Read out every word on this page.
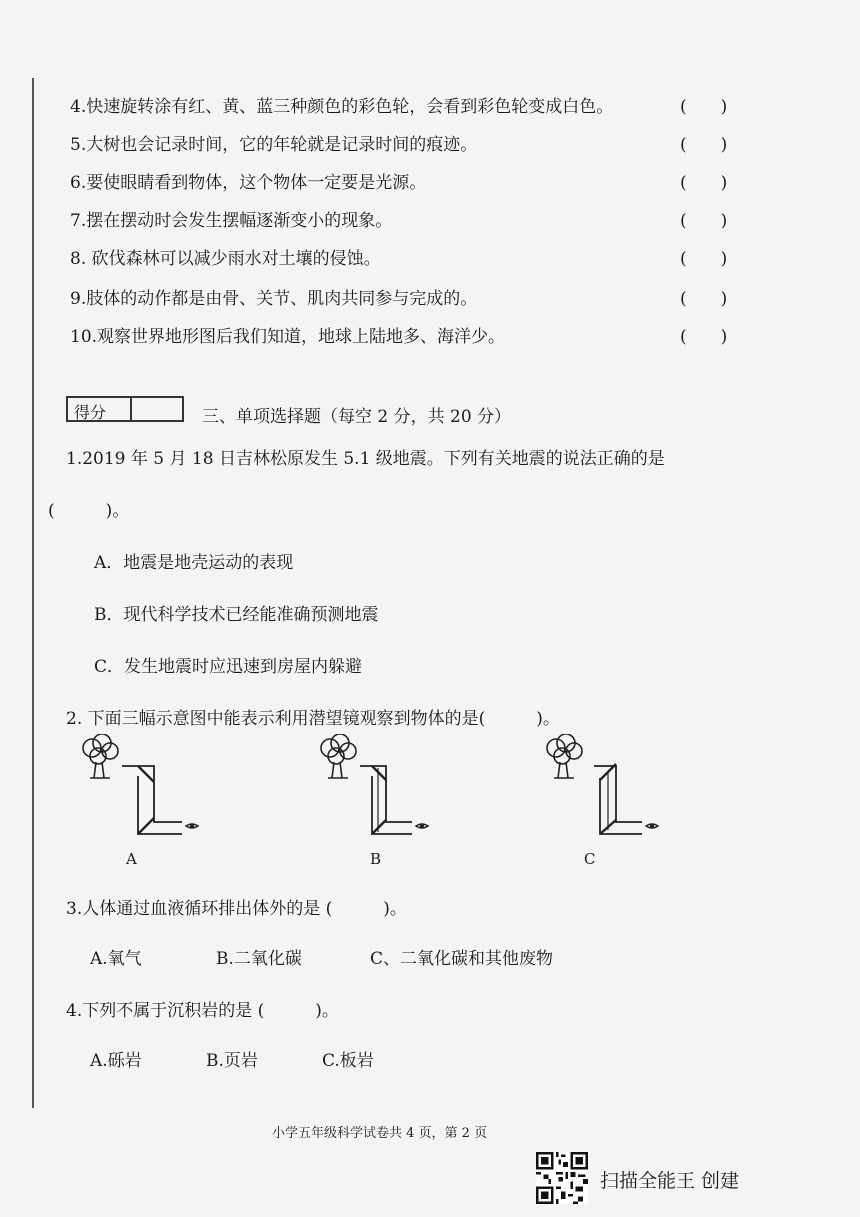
4.快速旋转涂有红、黄、蓝三种颜色的彩色轮，会看到彩色轮变成白色。	(　　)
5.大树也会记录时间，它的年轮就是记录时间的痕迹。	(　　)
6.要使眼睛看到物体，这个物体一定要是光源。	(　　)
7.摆在摆动时会发生摆幅逐渐变小的现象。	(　　)
8. 砍伐森林可以减少雨水对土壤的侵蚀。	(　　)
9.肢体的动作都是由骨、关节、肌肉共同参与完成的。	(　　)
10.观察世界地形图后我们知道，地球上陆地多、海洋少。	(　　)
得分	三、单项选择题（每空 2 分，共 20 分）
1.2019 年 5 月 18 日吉林松原发生 5.1 级地震。下列有关地震的说法正确的是
(　　　)。
A．地震是地壳运动的表现
B．现代科学技术已经能准确预测地震
C．发生地震时应迅速到房屋内躲避
2. 下面三幅示意图中能表示利用潜望镜观察到物体的是(　　　)。
A	B	C
3.人体通过血液循环排出体外的是 (　　　)。
A.氧气	B.二氧化碳	C、二氧化碳和其他废物
4.下列不属于沉积岩的是 (　　　)。
A.砾岩	B.页岩	C.板岩
小学五年级科学试卷共 4 页，第 2 页
扫描全能王 创建
